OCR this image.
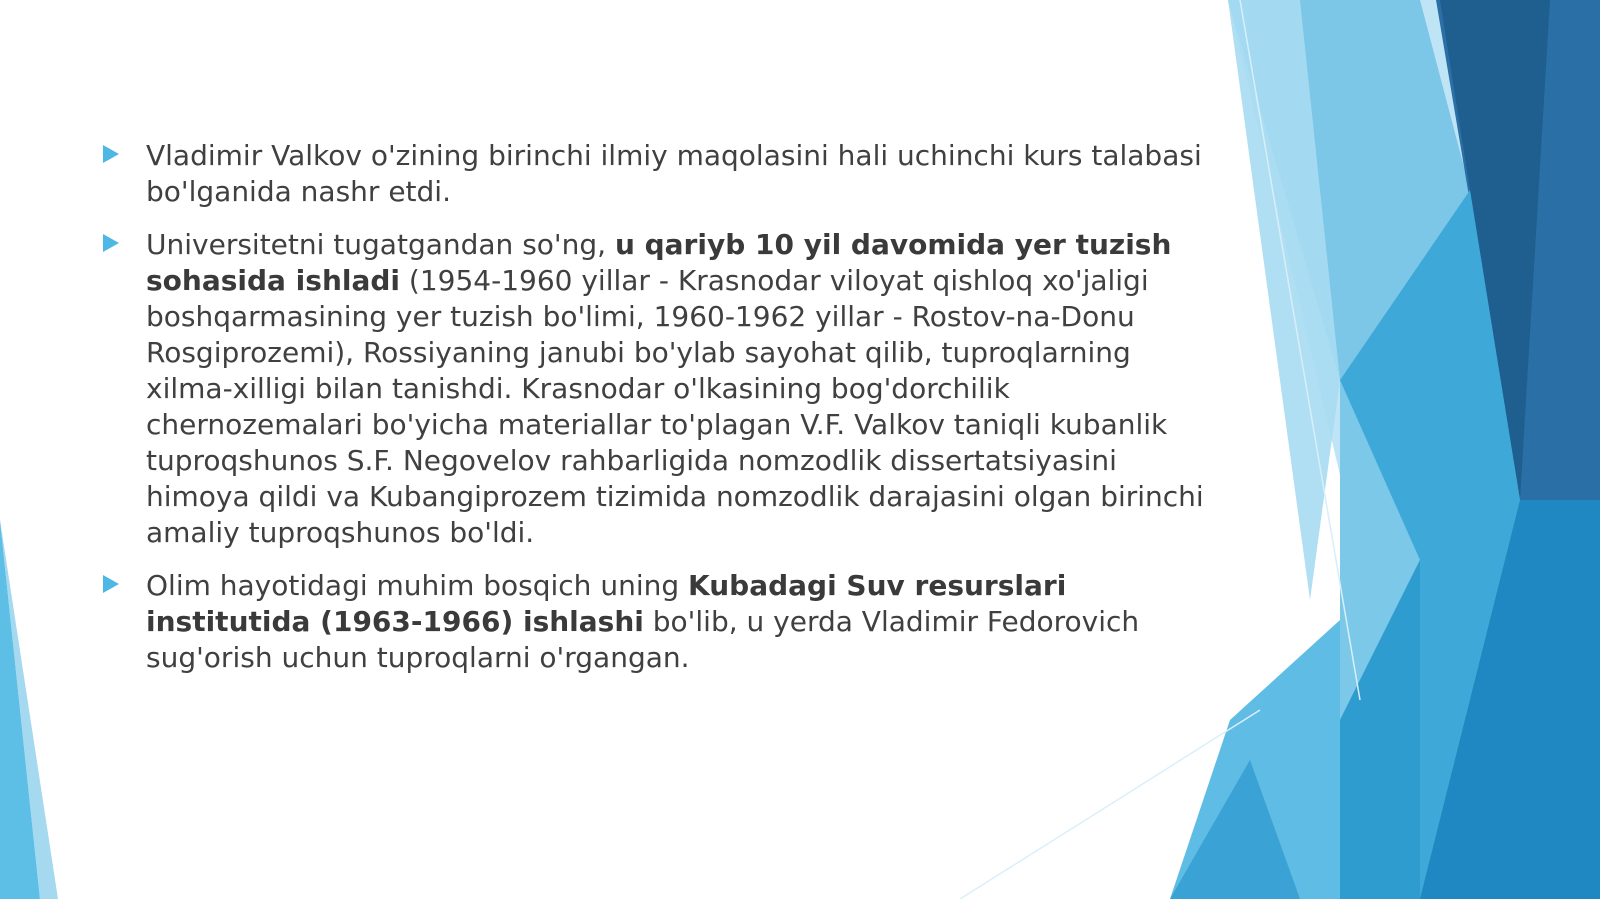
Vladimir Valkov o'zining birinchi ilmiy maqolasini hali uchinchi kurs talabasi bo'lganida nashr etdi.
Universitetni tugatgandan so'ng, u qariyb 10 yil davomida yer tuzish sohasida ishladi (1954-1960 yillar - Krasnodar viloyat qishloq xo'jaligi boshqarmasining yer tuzish bo'limi, 1960-1962 yillar - Rostov-na-Donu Rosgiprozemi), Rossiyaning janubi bo'ylab sayohat qilib, tuproqlarning xilma-xilligi bilan tanishdi. Krasnodar o'lkasining bog'dorchilik chernozemalari bo'yicha materiallar to'plagan V.F. Valkov taniqli kubanlik tuproqshunos S.F. Negovelov rahbarligida nomzodlik dissertatsiyasini himoya qildi va Kubangiprozem tizimida nomzodlik darajasini olgan birinchi amaliy tuproqshunos bo'ldi.
Olim hayotidagi muhim bosqich uning Kubadagi Suv resurslari institutida (1963-1966) ishlashi bo'lib, u yerda Vladimir Fedorovich sug'orish uchun tuproqlarni o'rgangan.
